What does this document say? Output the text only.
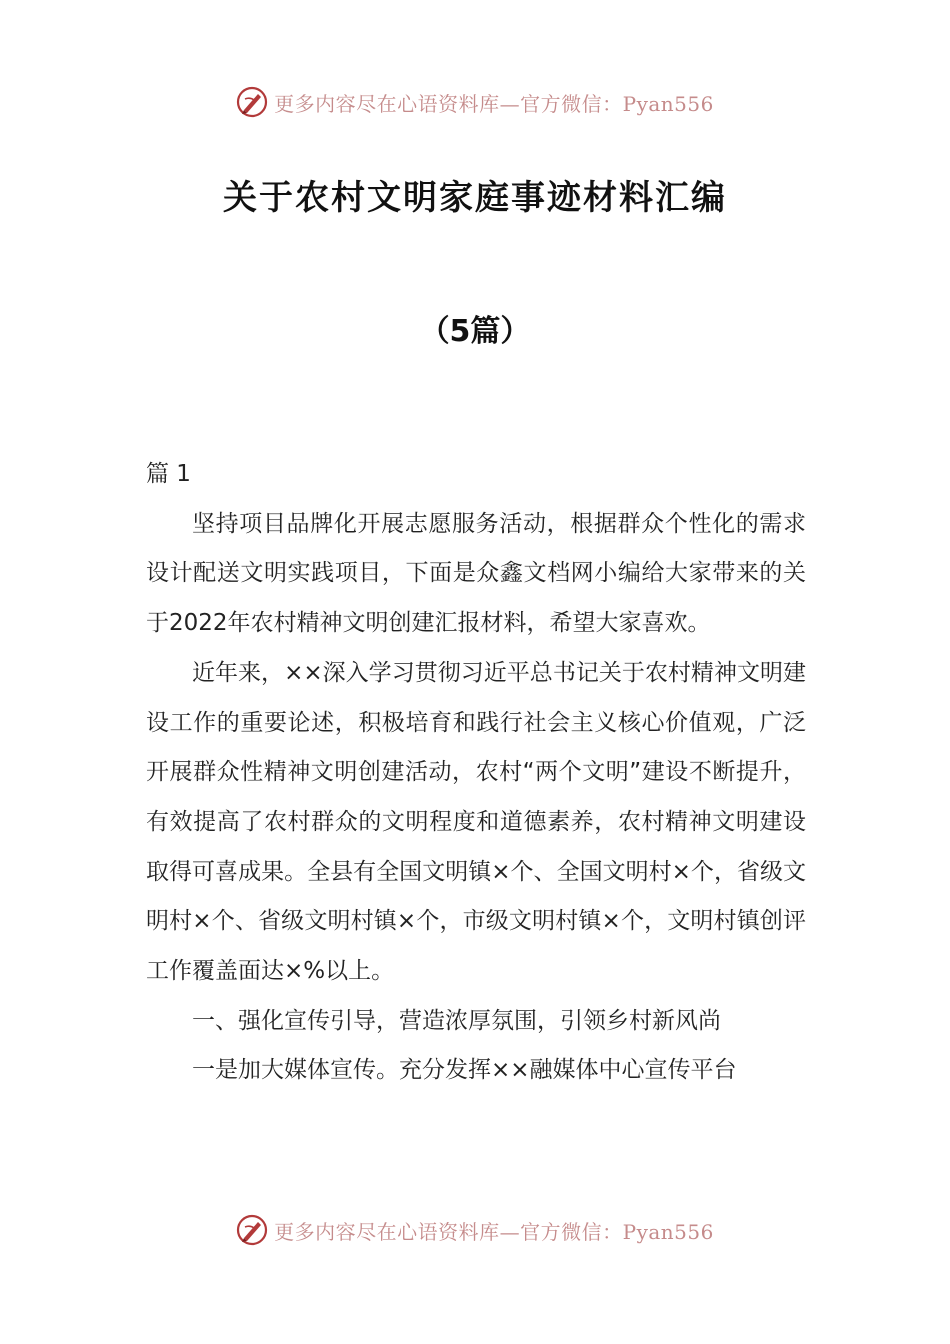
更多内容尽在心语资料库—官方微信：Pyan556
关于农村文明家庭事迹材料汇编
（5篇）

篇 1

坚持项目品牌化开展志愿服务活动，根据群众个性化的需求设计配送文明实践项目，下面是众鑫文档网小编给大家带来的关于2022年农村精神文明创建汇报材料，希望大家喜欢。

近年来，××深入学习贯彻习近平总书记关于农村精神文明建设工作的重要论述，积极培育和践行社会主义核心价值观，广泛开展群众性精神文明创建活动，农村“两个文明”建设不断提升，有效提高了农村群众的文明程度和道德素养，农村精神文明建设取得可喜成果。全县有全国文明镇×个、全国文明村×个，省级文明村×个、省级文明村镇×个，市级文明村镇×个，文明村镇创评工作覆盖面达×%以上。

一、强化宣传引导，营造浓厚氛围，引领乡村新风尚

一是加大媒体宣传。充分发挥××融媒体中心宣传平台

更多内容尽在心语资料库—官方微信：Pyan556
